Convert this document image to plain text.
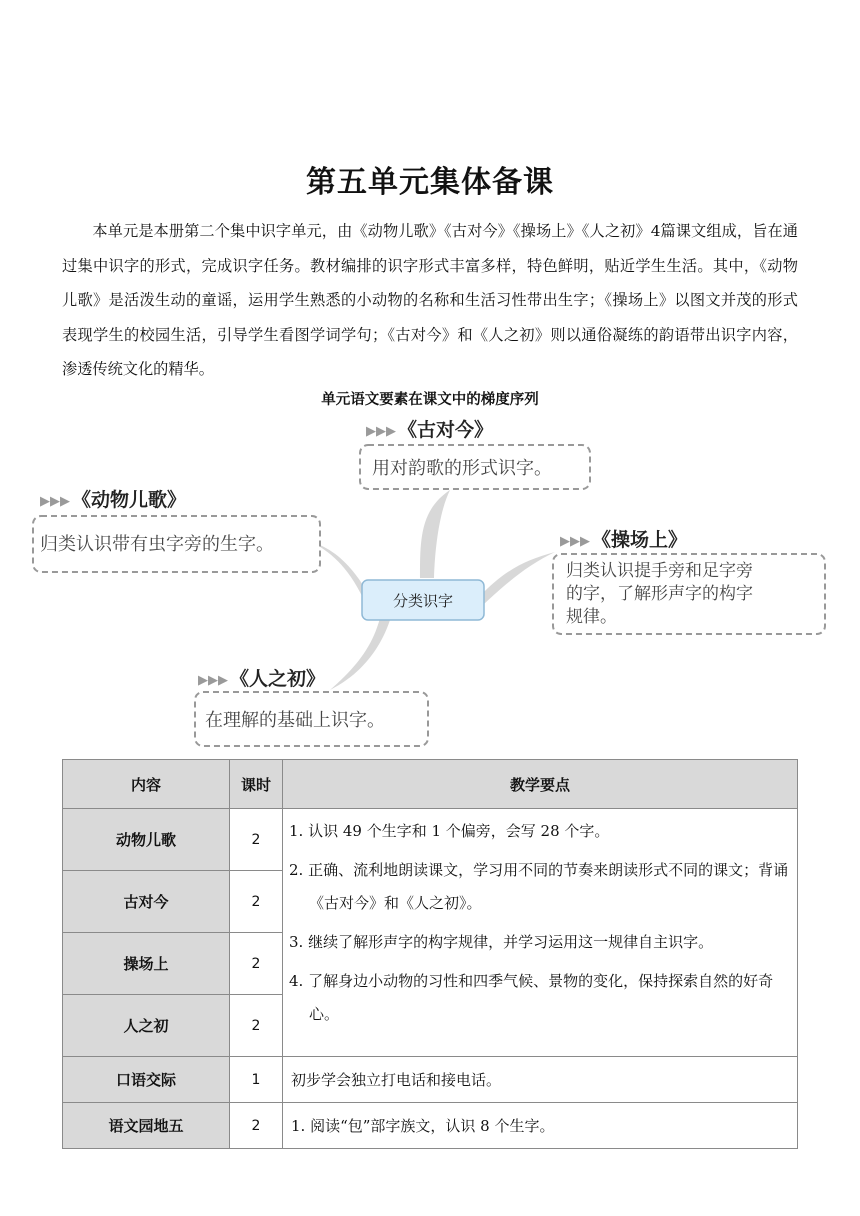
第五单元集体备课

本单元是本册第二个集中识字单元，由《动物儿歌》《古对今》《操场上》《人之初》4篇课文组成，旨在通过集中识字的形式，完成识字任务。教材编排的识字形式丰富多样，特色鲜明，贴近学生生活。其中，《动物儿歌》是活泼生动的童谣，运用学生熟悉的小动物的名称和生活习性带出生字；《操场上》以图文并茂的形式表现学生的校园生活，引导学生看图学词学句；《古对今》和《人之初》则以通俗凝练的韵语带出识字内容，渗透传统文化的精华。

单元语文要素在课文中的梯度序列
分类识字
▶▶▶ 《古对今》
用对韵歌的形式识字。
▶▶▶ 《动物儿歌》
归类认识带有虫字旁的生字。	▶▶▶ 《操场上》
归类认识提手旁和足字旁
的字，了解形声字的构字
规律。
▶▶▶ 《人之初》
在理解的基础上识字。
内容	课时	教学要点
动物儿歌	2	1. 认识 49 个生字和 1 个偏旁，会写 28 个字。

2. 正确、流利地朗读课文，学习用不同的节奏来朗读形式不同的课文；背诵《古对今》和《人之初》。

3. 继续了解形声字的构字规律，并学习运用这一规律自主识字。

4. 了解身边小动物的习性和四季气候、景物的变化，保持探索自然的好奇心。

古对今	2	
操场上	2	
人之初	2	
口语交际	1	初步学会独立打电话和接电话。
语文园地五	2	1. 阅读“包”部字族文，认识 8 个生字。
